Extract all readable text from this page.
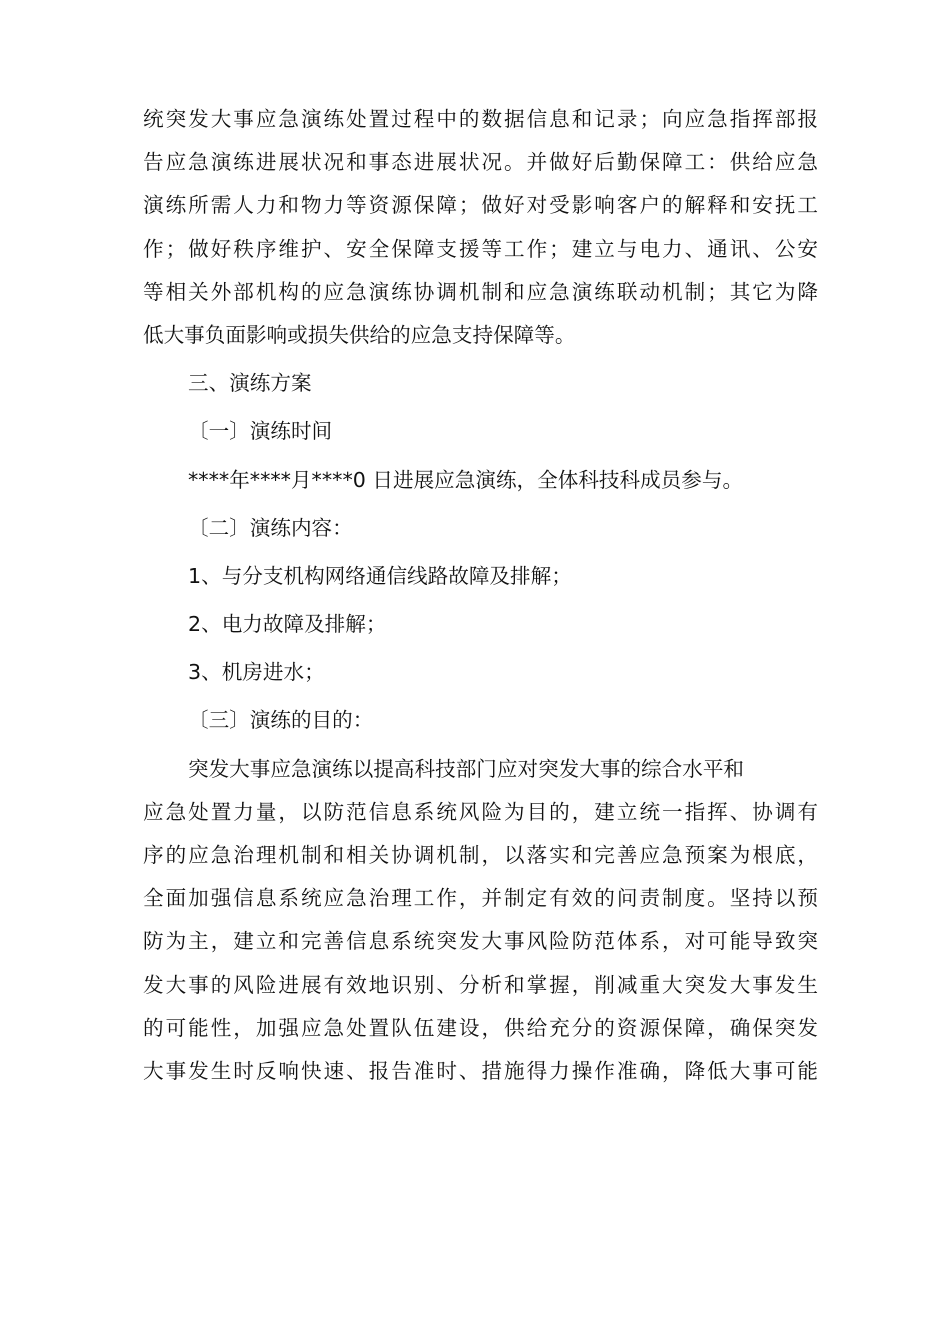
统突发大事应急演练处置过程中的数据信息和记录；向应急指挥部报
告应急演练进展状况和事态进展状况。并做好后勤保障工：供给应急
演练所需人力和物力等资源保障；做好对受影响客户的解释和安抚工
作；做好秩序维护、安全保障支援等工作；建立与电力、通讯、公安
等相关外部机构的应急演练协调机制和应急演练联动机制；其它为降
低大事负面影响或损失供给的应急支持保障等。
三、演练方案
〔一〕演练时间
****年****月****0 日进展应急演练，全体科技科成员参与。
〔二〕演练内容：
1、与分支机构网络通信线路故障及排解；
2、电力故障及排解；
3、机房进水；
〔三〕演练的目的：
突发大事应急演练以提高科技部门应对突发大事的综合水平和
应急处置力量，以防范信息系统风险为目的，建立统一指挥、协调有
序的应急治理机制和相关协调机制，以落实和完善应急预案为根底，
全面加强信息系统应急治理工作，并制定有效的问责制度。坚持以预
防为主，建立和完善信息系统突发大事风险防范体系，对可能导致突
发大事的风险进展有效地识别、分析和掌握，削减重大突发大事发生
的可能性，加强应急处置队伍建设，供给充分的资源保障，确保突发
大事发生时反响快速、报告准时、措施得力操作准确，降低大事可能
